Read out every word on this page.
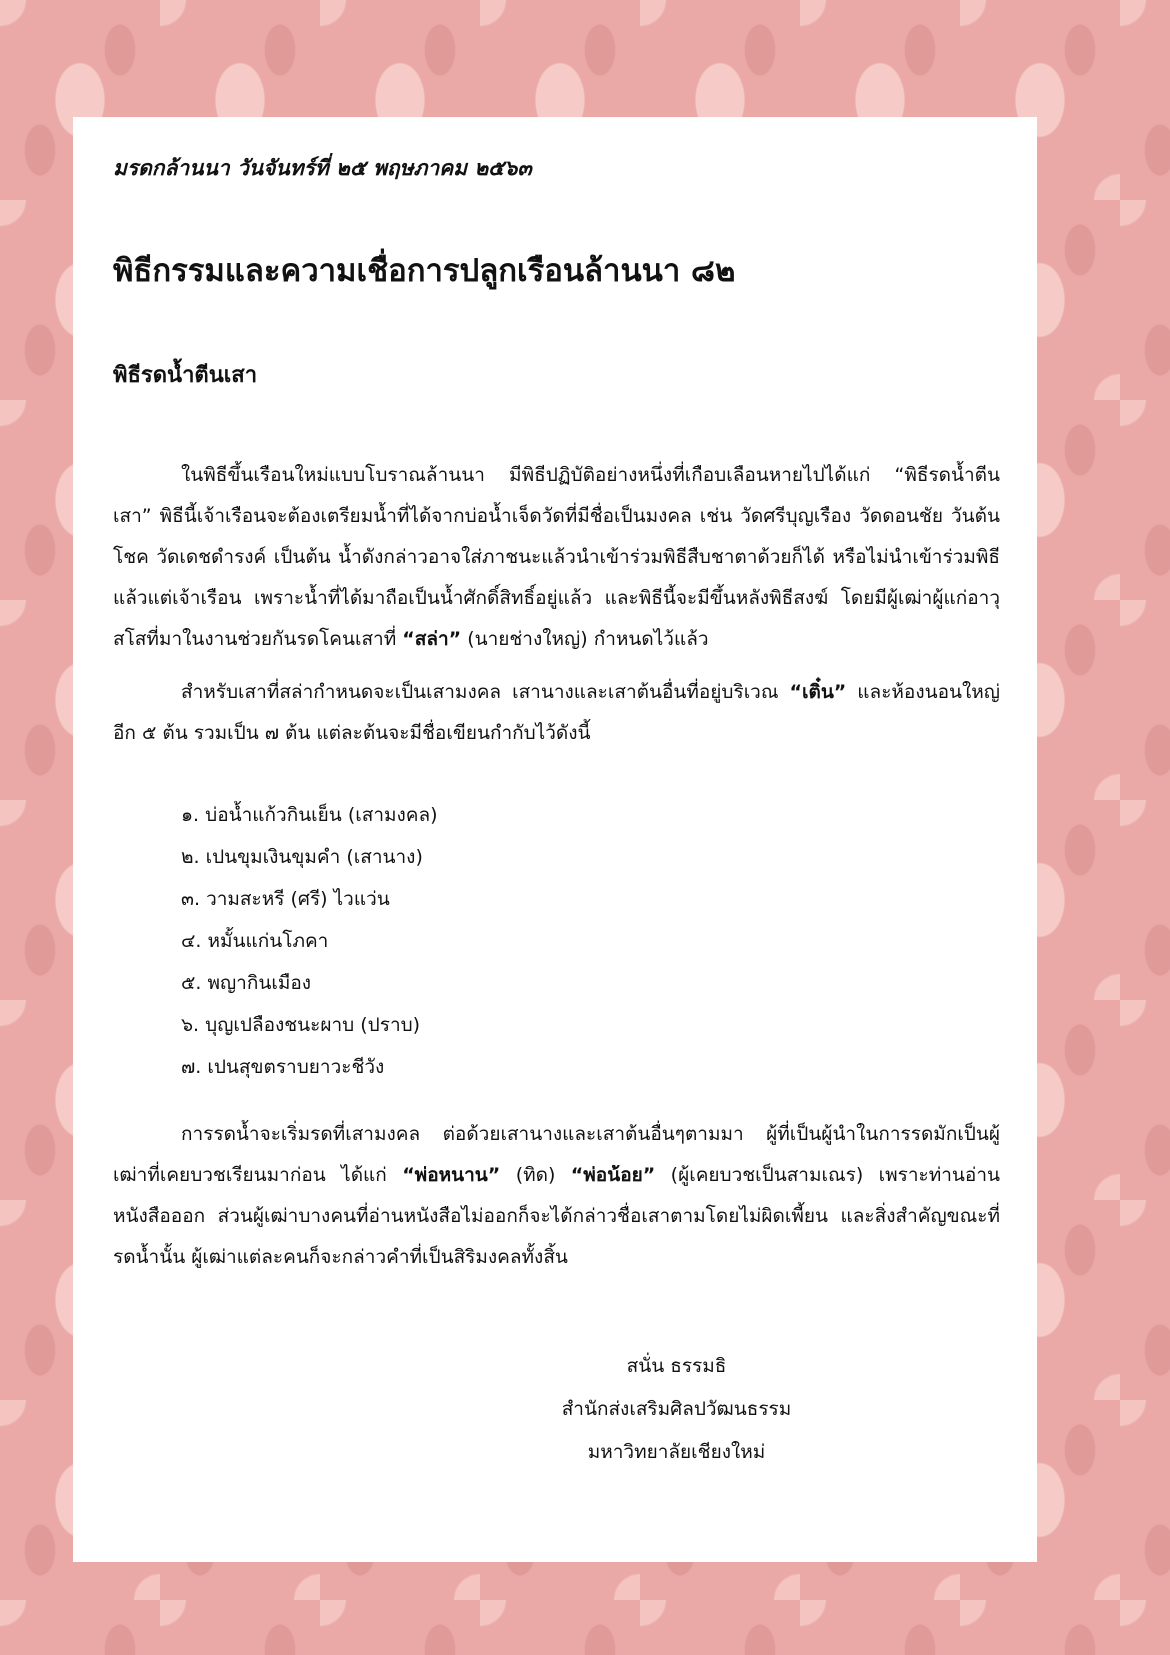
มรดกล้านนา วันจันทร์ที่ ๒๕ พฤษภาคม ๒๕๖๓
พิธีกรรมและความเชื่อการปลูกเรือนล้านนา ๘๒
พิธีรดน้ำตีนเสา

ในพิธีขึ้นเรือนใหม่แบบโบราณล้านนา มีพิธีปฏิบัติอย่างหนึ่งที่เกือบเลือนหายไปได้แก่ “พิธีรดน้ำตีนเสา” พิธีนี้เจ้าเรือนจะต้องเตรียมน้ำที่ได้จากบ่อน้ำเจ็ดวัดที่มีชื่อเป็นมงคล เช่น วัดศรีบุญเรือง วัดดอนชัย วันต้นโชค วัดเดชดำรงค์ เป็นต้น น้ำดังกล่าวอาจใส่ภาชนะแล้วนำเข้าร่วมพิธีสืบชาตาด้วยก็ได้ หรือไม่นำเข้าร่วมพิธีแล้วแต่เจ้าเรือน เพราะน้ำที่ได้มาถือเป็นน้ำศักดิ์สิทธิ์อยู่แล้ว และพิธีนี้จะมีขึ้นหลังพิธีสงฆ์ โดยมีผู้เฒ่าผู้แก่อาวุสโสที่มาในงานช่วยกันรดโคนเสาที่ “สล่า” (นายช่างใหญ่) กำหนดไว้แล้ว

สำหรับเสาที่สล่ากำหนดจะเป็นเสามงคล เสานางและเสาต้นอื่นที่อยู่บริเวณ “เติ๋น” และห้องนอนใหญ่อีก ๕ ต้น รวมเป็น ๗ ต้น แต่ละต้นจะมีชื่อเขียนกำกับไว้ดังนี้

๑. บ่อน้ำแก้วกินเย็น (เสามงคล)
๒. เปนขุมเงินขุมคำ (เสานาง)
๓. วามสะหรี (ศรี) ไวแว่น
๔. หมั้นแก่นโภคา
๕. พญากินเมือง
๖. บุญเปลืองชนะผาบ (ปราบ)
๗. เปนสุขตราบยาวะชีวัง

การรดน้ำจะเริ่มรดที่เสามงคล ต่อด้วยเสานางและเสาต้นอื่นๆตามมา ผู้ที่เป็นผู้นำในการรดมักเป็นผู้เฒ่าที่เคยบวชเรียนมาก่อน ได้แก่ “พ่อหนาน” (ทิด) “พ่อน้อย” (ผู้เคยบวชเป็นสามเณร) เพราะท่านอ่านหนังสือออก ส่วนผู้เฒ่าบางคนที่อ่านหนังสือไม่ออกก็จะได้กล่าวชื่อเสาตามโดยไม่ผิดเพี้ยน และสิ่งสำคัญขณะที่รดน้ำนั้น ผู้เฒ่าแต่ละคนก็จะกล่าวคำที่เป็นสิริมงคลทั้งสิ้น

สนั่น ธรรมธิ
สำนักส่งเสริมศิลปวัฒนธรรม
มหาวิทยาลัยเชียงใหม่
